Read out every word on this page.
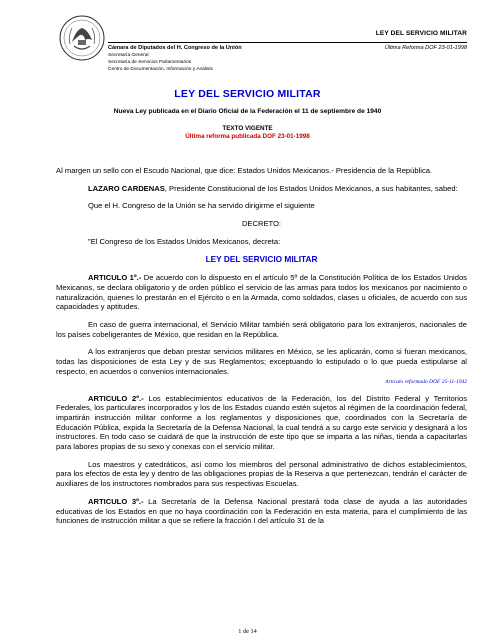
LEY DEL SERVICIO MILITAR
Cámara de Diputados del H. Congreso de la Unión
Secretaría General
Secretaría de Servicios Parlamentarios
Centro de Documentación, Información y Análisis
Última Reforma DOF 23-01-1998
LEY DEL SERVICIO MILITAR
Nueva Ley publicada en el Diario Oficial de la Federación el 11 de septiembre de 1940
TEXTO VIGENTE
Última reforma publicada DOF 23-01-1998

Al margen un sello con el Escudo Nacional, que dice: Estados Unidos Mexicanos.- Presidencia de la República.

LAZARO CARDENAS, Presidente Constitucional de los Estados Unidos Mexicanos, a sus habitantes, sabed:

Que el H. Congreso de la Unión se ha servido dirigirme el siguiente

DECRETO:

"El Congreso de los Estados Unidos Mexicanos, decreta:

LEY DEL SERVICIO MILITAR

ARTICULO 1º.- De acuerdo con lo dispuesto en el artículo 5º de la Constitución Política de los Estados Unidos Mexicanos, se declara obligatorio y de orden público el servicio de las armas para todos los mexicanos por nacimiento o naturalización, quienes lo prestarán en el Ejército o en la Armada, como soldados, clases u oficiales, de acuerdo con sus capacidades y aptitudes.

En caso de guerra internacional, el Servicio Militar también será obligatorio para los extranjeros, nacionales de los países cobeligerantes de México, que residan en la República.

A los extranjeros que deban prestar servicios militares en México, se les aplicarán, como si fueran mexicanos, todas las disposiciones de esta Ley y de sus Reglamentos; exceptuando lo estipulado o lo que pueda estipularse al respecto, en acuerdos o convenios internacionales.

Artículo reformado DOF 25-11-1942

ARTICULO 2º.- Los establecimientos educativos de la Federación, los del Distrito Federal y Territorios Federales, los particulares incorporados y los de los Estados cuando estén sujetos al régimen de la coordinación federal, impartirán instrucción militar conforme a los reglamentos y disposiciones que, coordinados con la Secretaría de Educación Pública, expida la Secretaría de la Defensa Nacional, la cual tendrá a su cargo este servicio y designará a los instructores. En todo caso se cuidará de que la instrucción de este tipo que se imparta a las niñas, tienda a capacitarlas para labores propias de su sexo y conexas con el servicio militar.

Los maestros y catedráticos, así como los miembros del personal administrativo de dichos establecimientos, para los efectos de esta ley y dentro de las obligaciones propias de la Reserva a que pertenezcan, tendrán el carácter de auxiliares de los instructores nombrados para sus respectivas Escuelas.

ARTICULO 3º.- La Secretaría de la Defensa Nacional prestará toda clase de ayuda a las autoridades educativas de los Estados en que no haya coordinación con la Federación en esta materia, para el cumplimiento de las funciones de instrucción militar a que se refiere la fracción I del artículo 31 de la

1 de 14
